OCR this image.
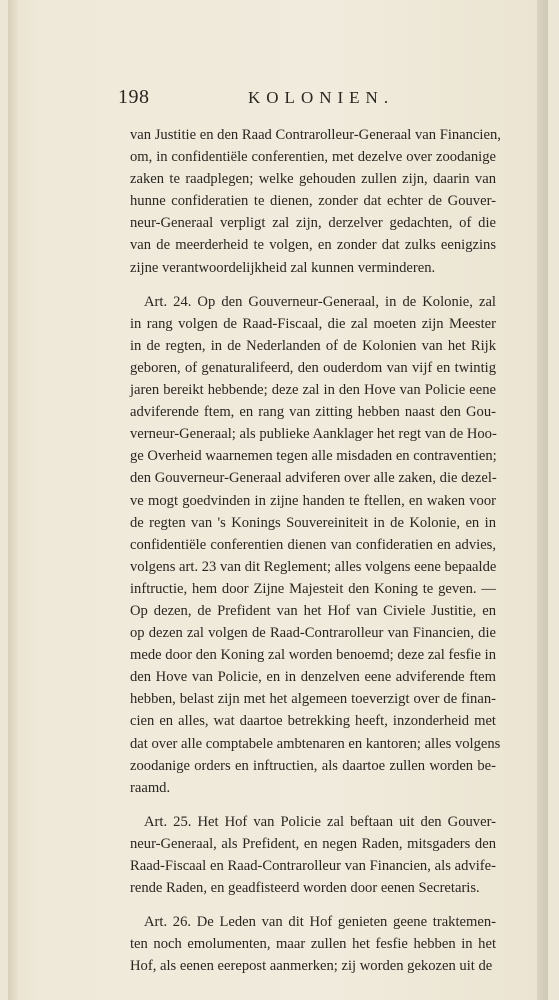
198	KOLONIEN.

van Justitie en den Raad Contrarolleur-Generaal van Financien,
om, in confidentiële conferentien, met dezelve over zoodanige
zaken te raadplegen; welke gehouden zullen zijn, daarin van
hunne confideratien te dienen, zonder dat echter de Gouver-
neur-Generaal verpligt zal zijn, derzelver gedachten, of die
van de meerderheid te volgen, en zonder dat zulks eenigzins
zijne verantwoordelijkheid zal kunnen verminderen.

Art. 24. Op den Gouverneur-Generaal, in de Kolonie, zal
in rang volgen de Raad-Fiscaal, die zal moeten zijn Meester
in de regten, in de Nederlanden of de Kolonien van het Rijk
geboren, of genaturalifeerd, den ouderdom van vijf en twintig
jaren bereikt hebbende; deze zal in den Hove van Policie eene
adviferende ftem, en rang van zitting hebben naast den Gou-
verneur-Generaal; als publieke Aanklager het regt van de Hoo-
ge Overheid waarnemen tegen alle misdaden en contraventien;
den Gouverneur-Generaal adviferen over alle zaken, die dezel-
ve mogt goedvinden in zijne handen te ftellen, en waken voor
de regten van 's Konings Souvereiniteit in de Kolonie, en in
confidentiële conferentien dienen van confideratien en advies,
volgens art. 23 van dit Reglement; alles volgens eene bepaalde
inftructie, hem door Zijne Majesteit den Koning te geven. —
Op dezen, de Prefident van het Hof van Civiele Justitie, en
op dezen zal volgen de Raad-Contrarolleur van Financien, die
mede door den Koning zal worden benoemd; deze zal fesfie in
den Hove van Policie, en in denzelven eene adviferende ftem
hebben, belast zijn met het algemeen toeverzigt over de finan-
cien en alles, wat daartoe betrekking heeft, inzonderheid met
dat over alle comptabele ambtenaren en kantoren; alles volgens
zoodanige orders en inftructien, als daartoe zullen worden be-
raamd.

Art. 25. Het Hof van Policie zal beftaan uit den Gouver-
neur-Generaal, als Prefident, en negen Raden, mitsgaders den
Raad-Fiscaal en Raad-Contrarolleur van Financien, als advife-
rende Raden, en geadfisteerd worden door eenen Secretaris.

Art. 26. De Leden van dit Hof genieten geene traktemen-
ten noch emolumenten, maar zullen het fesfie hebben in het
Hof, als eenen eerepost aanmerken; zij worden gekozen uit de
